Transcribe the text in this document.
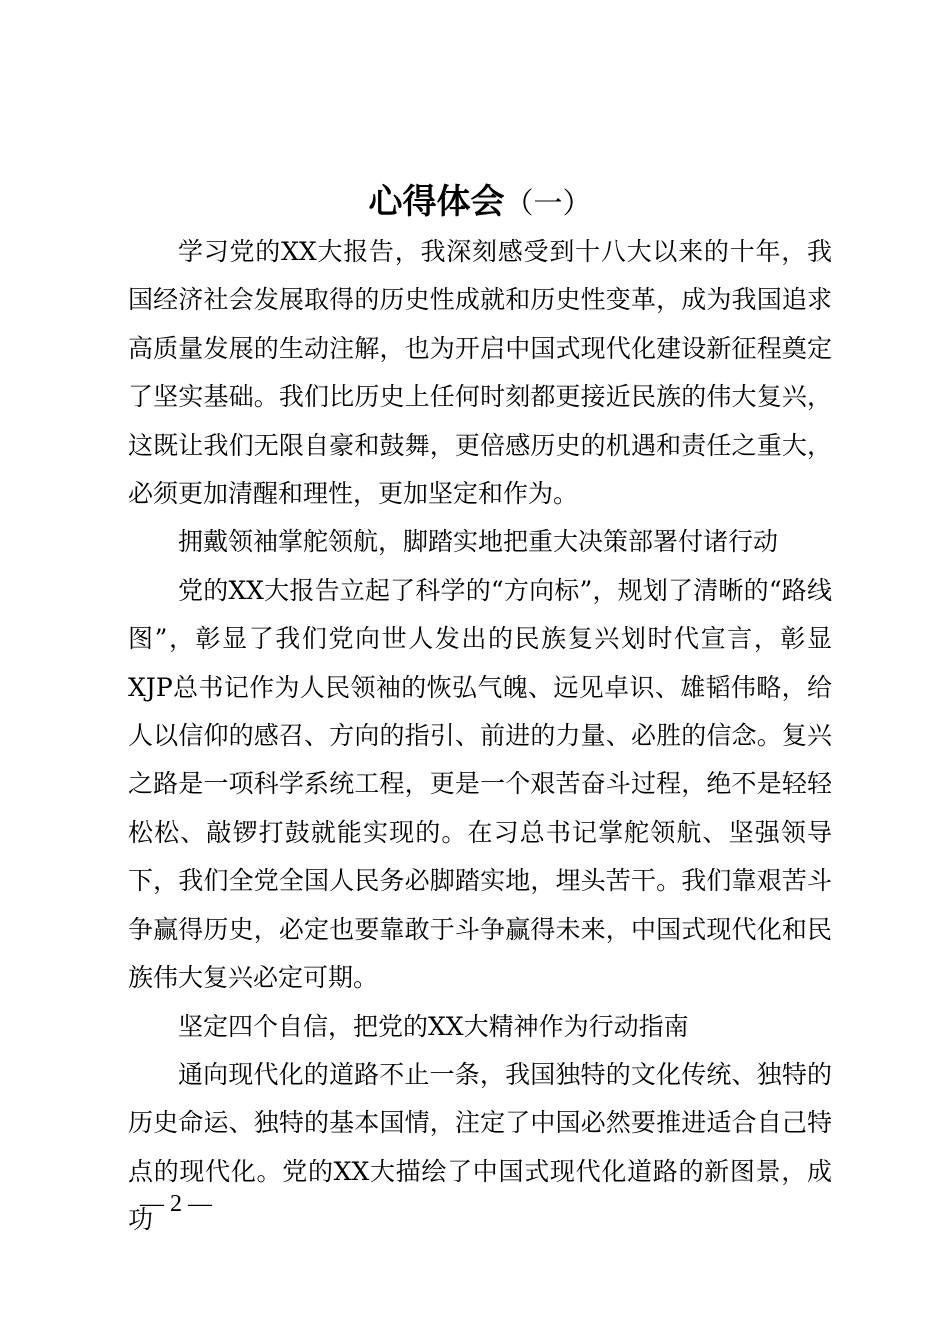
心得体会（一）

学习党的XX大报告，我深刻感受到十八大以来的十年，我国经济社会发展取得的历史性成就和历史性变革，成为我国追求高质量发展的生动注解，也为开启中国式现代化建设新征程奠定了坚实基础。我们比历史上任何时刻都更接近民族的伟大复兴，这既让我们无限自豪和鼓舞，更倍感历史的机遇和责任之重大，必须更加清醒和理性，更加坚定和作为。

拥戴领袖掌舵领航，脚踏实地把重大决策部署付诸行动

党的XX大报告立起了科学的“方向标”，规划了清晰的“路线图”，彰显了我们党向世人发出的民族复兴划时代宣言，彰显XJP总书记作为人民领袖的恢弘气魄、远见卓识、雄韬伟略，给人以信仰的感召、方向的指引、前进的力量、必胜的信念。复兴之路是一项科学系统工程，更是一个艰苦奋斗过程，绝不是轻轻松松、敲锣打鼓就能实现的。在习总书记掌舵领航、坚强领导下，我们全党全国人民务必脚踏实地，埋头苦干。我们靠艰苦斗争赢得历史，必定也要靠敢于斗争赢得未来，中国式现代化和民族伟大复兴必定可期。

坚定四个自信，把党的XX大精神作为行动指南

通向现代化的道路不止一条，我国独特的文化传统、独特的历史命运、独特的基本国情，注定了中国必然要推进适合自己特点的现代化。党的XX大描绘了中国式现代化道路的新图景，成功

— 2 —
